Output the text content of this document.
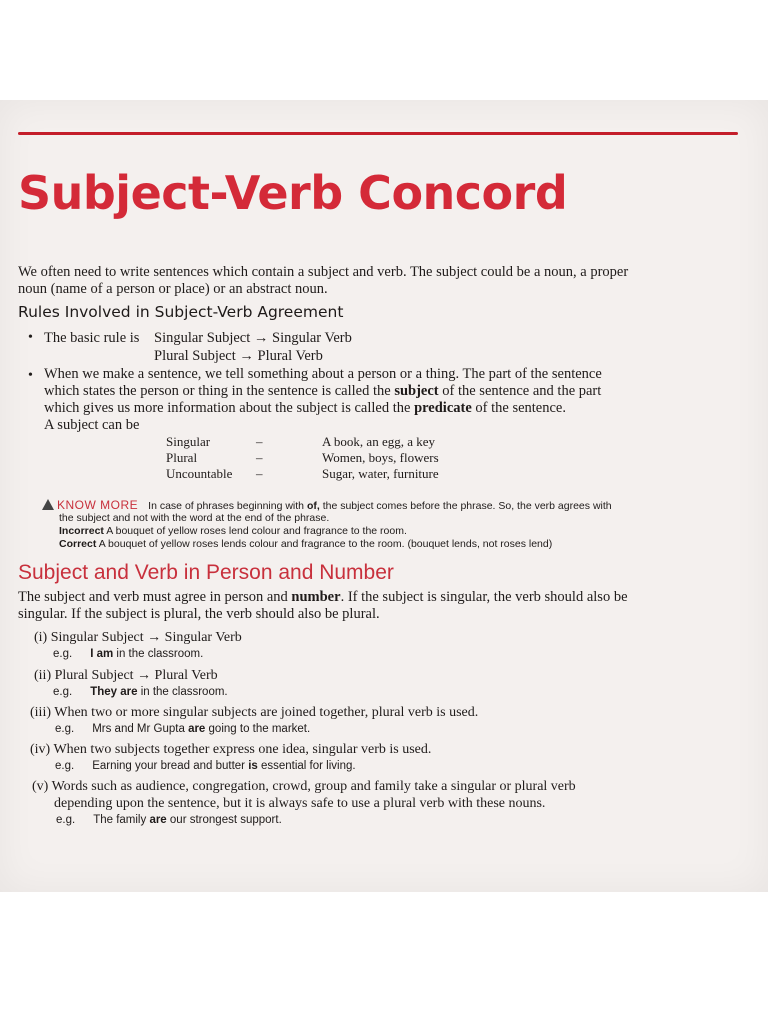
Subject-Verb Concord
We often need to write sentences which contain a subject and verb. The subject could be a noun, a proper
noun (name of a person or place) or an abstract noun.
Rules Involved in Subject-Verb Agreement
• The basic rule is Singular Subject → Singular Verb
Plural Subject → Plural Verb
• When we make a sentence, we tell something about a person or a thing. The part of the sentence
which states the person or thing in the sentence is called the subject of the sentence and the part
which gives us more information about the subject is called the predicate of the sentence.
A subject can be
Singular	–	A book, an egg, a key
Plural	–	Women, boys, flowers
Uncountable –	Sugar, water, furniture
KNOW MORE In case of phrases beginning with of, the subject comes before the phrase. So, the verb agrees with
the subject and not with the word at the end of the phrase.
Incorrect A bouquet of yellow roses lend colour and fragrance to the room.
Correct A bouquet of yellow roses lends colour and fragrance to the room. (bouquet lends, not roses lend)
Subject and Verb in Person and Number
The subject and verb must agree in person and number. If the subject is singular, the verb should also be
singular. If the subject is plural, the verb should also be plural.
(i) Singular Subject → Singular Verb
e.g. I am in the classroom.
(ii) Plural Subject → Plural Verb
e.g. They are in the classroom.
(iii) When two or more singular subjects are joined together, plural verb is used.
e.g. Mrs and Mr Gupta are going to the market.
(iv) When two subjects together express one idea, singular verb is used.
e.g. Earning your bread and butter is essential for living.
(v) Words such as audience, congregation, crowd, group and family take a singular or plural verb
depending upon the sentence, but it is always safe to use a plural verb with these nouns.
e.g. The family are our strongest support.
